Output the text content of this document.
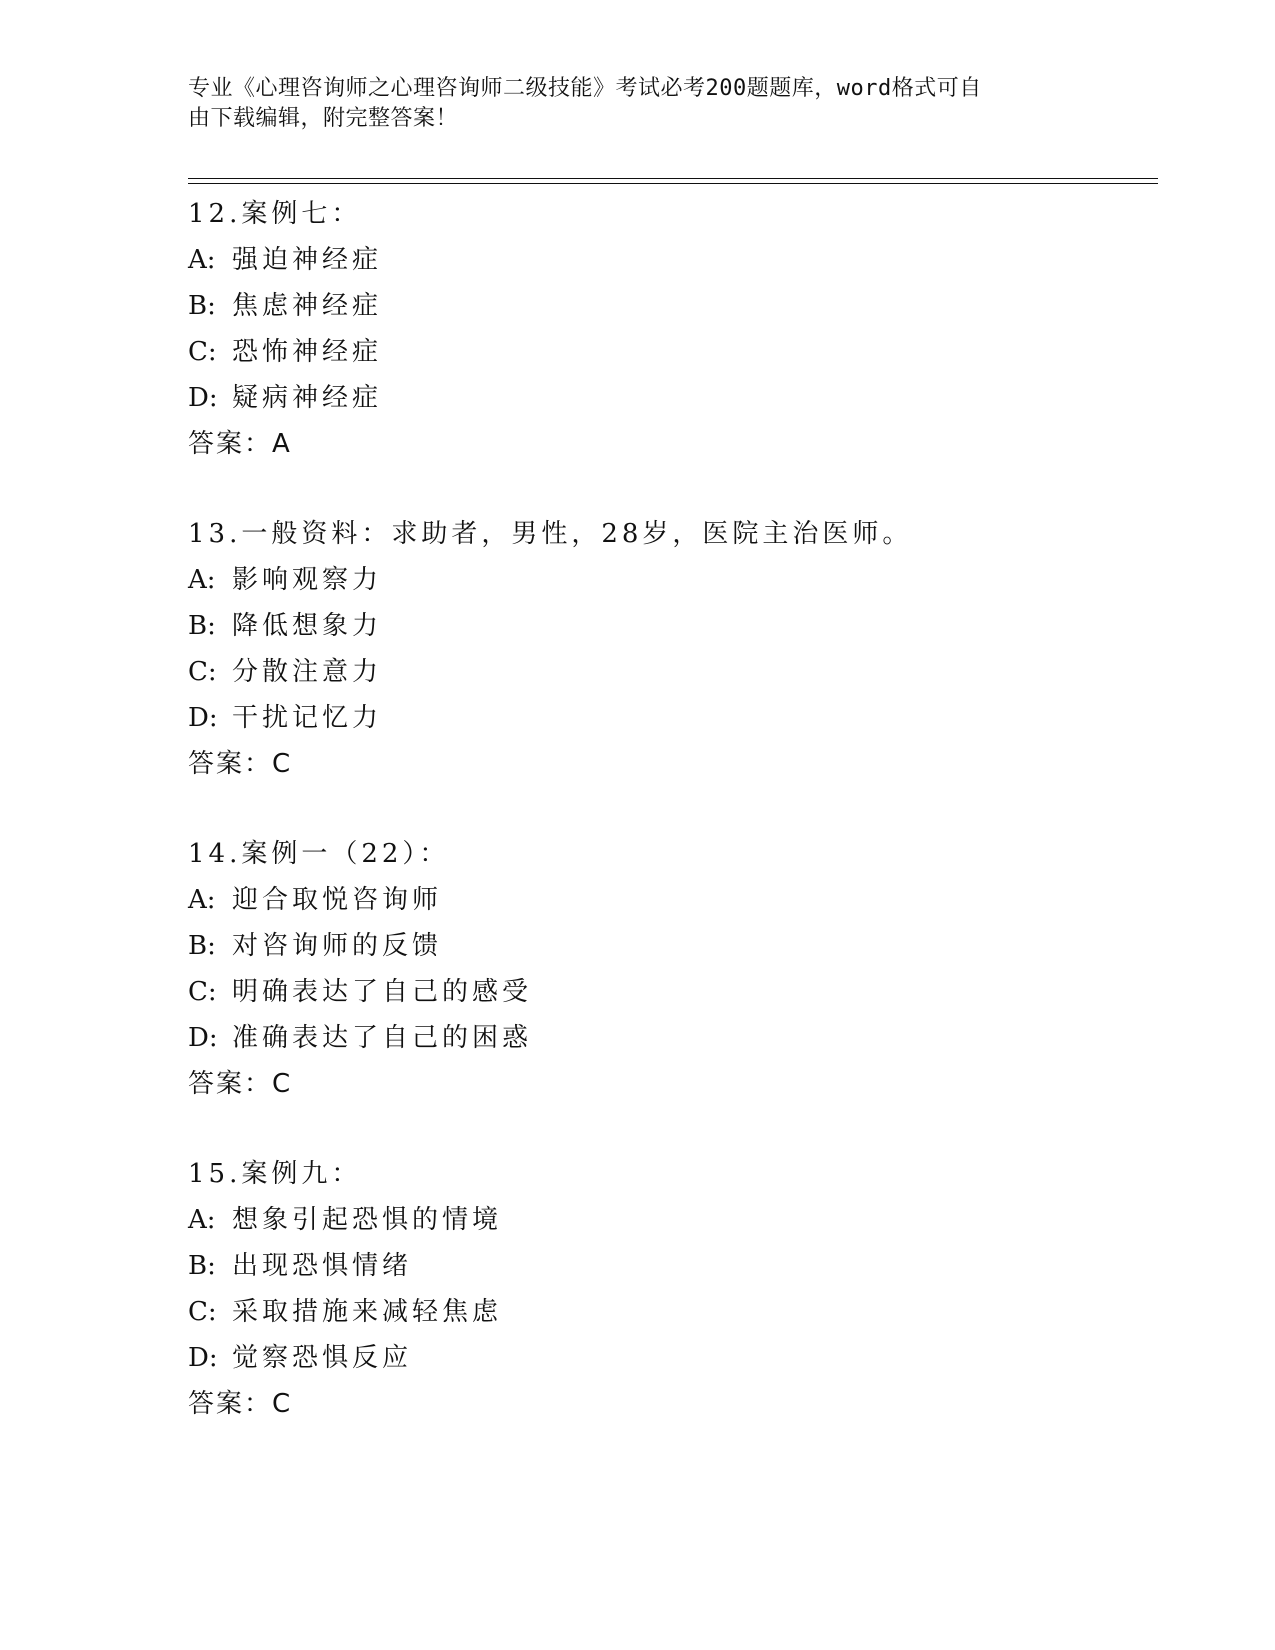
专业《心理咨询师之心理咨询师二级技能》考试必考200题题库，word格式可自
由下载编辑，附完整答案！
12.案例七：
A: 强迫神经症
B: 焦虑神经症
C: 恐怖神经症
D: 疑病神经症
答案：A
13.一般资料：求助者，男性，28岁，医院主治医师。
A: 影响观察力
B: 降低想象力
C: 分散注意力
D: 干扰记忆力
答案：C
14.案例一（22）：
A: 迎合取悦咨询师
B: 对咨询师的反馈
C: 明确表达了自己的感受
D: 准确表达了自己的困惑
答案：C
15.案例九：
A: 想象引起恐惧的情境
B: 出现恐惧情绪
C: 采取措施来减轻焦虑
D: 觉察恐惧反应
答案：C
